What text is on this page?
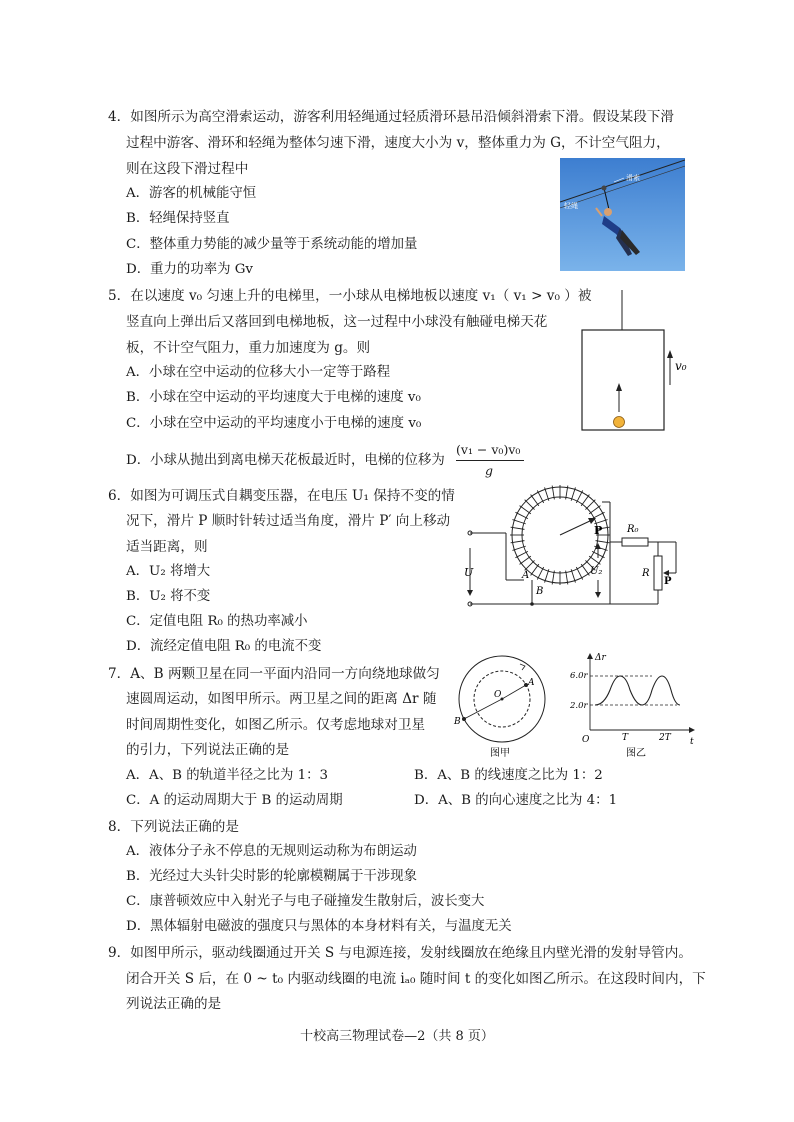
4．如图所示为高空滑索运动，游客利用轻绳通过轻质滑环悬吊沿倾斜滑索下滑。假设某段下滑
过程中游客、滑环和轻绳为整体匀速下滑，速度大小为 v，整体重力为 G，不计空气阻力，
则在这段下滑过程中
A．游客的机械能守恒
B．轻绳保持竖直
C．整体重力势能的减少量等于系统动能的增加量
D．重力的功率为 Gv
滑索
轻绳
5．在以速度 v₀ 匀速上升的电梯里，一小球从电梯地板以速度 v₁（ v₁ > v₀ ）被
竖直向上弹出后又落回到电梯地板，这一过程中小球没有触碰电梯天花
板，不计空气阻力，重力加速度为 g。则
A．小球在空中运动的位移大小一定等于路程
B．小球在空中运动的平均速度大于电梯的速度 v₀
C．小球在空中运动的平均速度小于电梯的速度 v₀
D．小球从抛出到离电梯天花板最近时，电梯的位移为
(v₁ − v₀)v₀
g
v₀
6．如图为可调压式自耦变压器，在电压 U₁ 保持不变的情
况下，滑片 P 顺时针转过适当角度，滑片 P′ 向上移动
适当距离，则
A．U₂ 将增大
B．U₂ 将不变
C．定值电阻 R₀ 的热功率减小
D．流经定值电阻 R₀ 的电流不变
P
U	A
B
R₀
R
P
U₂
7．A、B 两颗卫星在同一平面内沿同一方向绕地球做匀
速圆周运动，如图甲所示。两卫星之间的距离 Δr 随
时间周期性变化，如图乙所示。仅考虑地球对卫星
的引力，下列说法正确的是
A．A、B 的轨道半径之比为 1：3	B．A、B 的线速度之比为 1：2
C．A 的运动周期大于 B 的运动周期	D．A、B 的向心速度之比为 4：1
O
A
B
图甲
Δr
t
6.0r
2.0r
O	T	2T
图乙
8．下列说法正确的是
A．液体分子永不停息的无规则运动称为布朗运动
B．光经过大头针尖时影的轮廓模糊属于干涉现象
C．康普顿效应中入射光子与电子碰撞发生散射后，波长变大
D．黑体辐射电磁波的强度只与黑体的本身材料有关，与温度无关
9．如图甲所示，驱动线圈通过开关 S 与电源连接，发射线圈放在绝缘且内壁光滑的发射导管内。
闭合开关 S 后，在 0 ~ t₀ 内驱动线圈的电流 iₐ₀ 随时间 t 的变化如图乙所示。在这段时间内，下
列说法正确的是
十校高三物理试卷—2（共 8 页）
